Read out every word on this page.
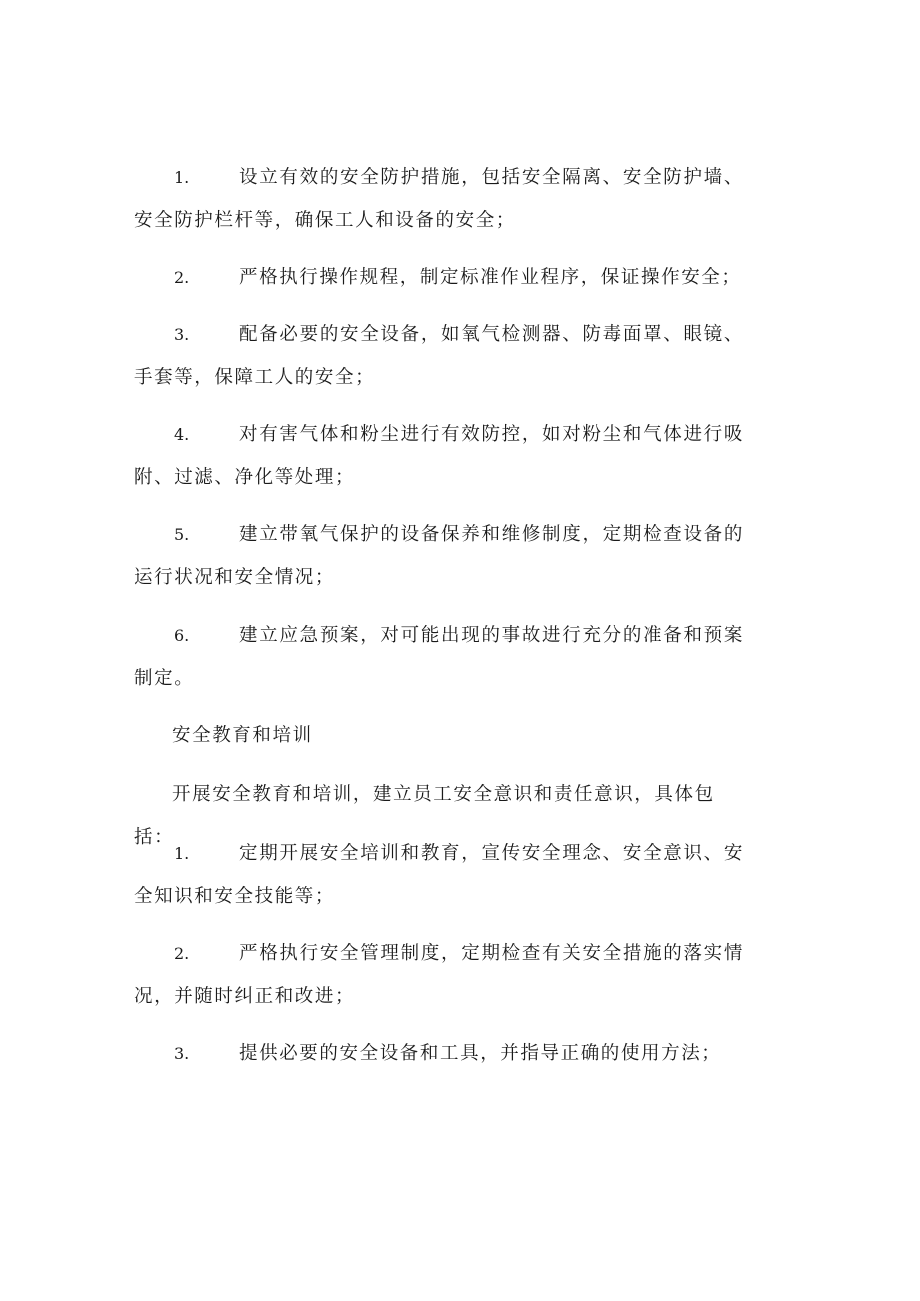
1.	设立有效的安全防护措施，包括安全隔离、安全防护墙、安全防护栏杆等，确保工人和设备的安全；
2.	严格执行操作规程，制定标准作业程序，保证操作安全；
3.	配备必要的安全设备，如氧气检测器、防毒面罩、眼镜、手套等，保障工人的安全；
4.	对有害气体和粉尘进行有效防控，如对粉尘和气体进行吸附、过滤、净化等处理；
5.	建立带氧气保护的设备保养和维修制度，定期检查设备的运行状况和安全情况；
6.	建立应急预案，对可能出现的事故进行充分的准备和预案制定。
安全教育和培训
开展安全教育和培训，建立员工安全意识和责任意识，具体包括：
1.	定期开展安全培训和教育，宣传安全理念、安全意识、安全知识和安全技能等；
2.	严格执行安全管理制度，定期检查有关安全措施的落实情况，并随时纠正和改进；
3.	提供必要的安全设备和工具，并指导正确的使用方法；
